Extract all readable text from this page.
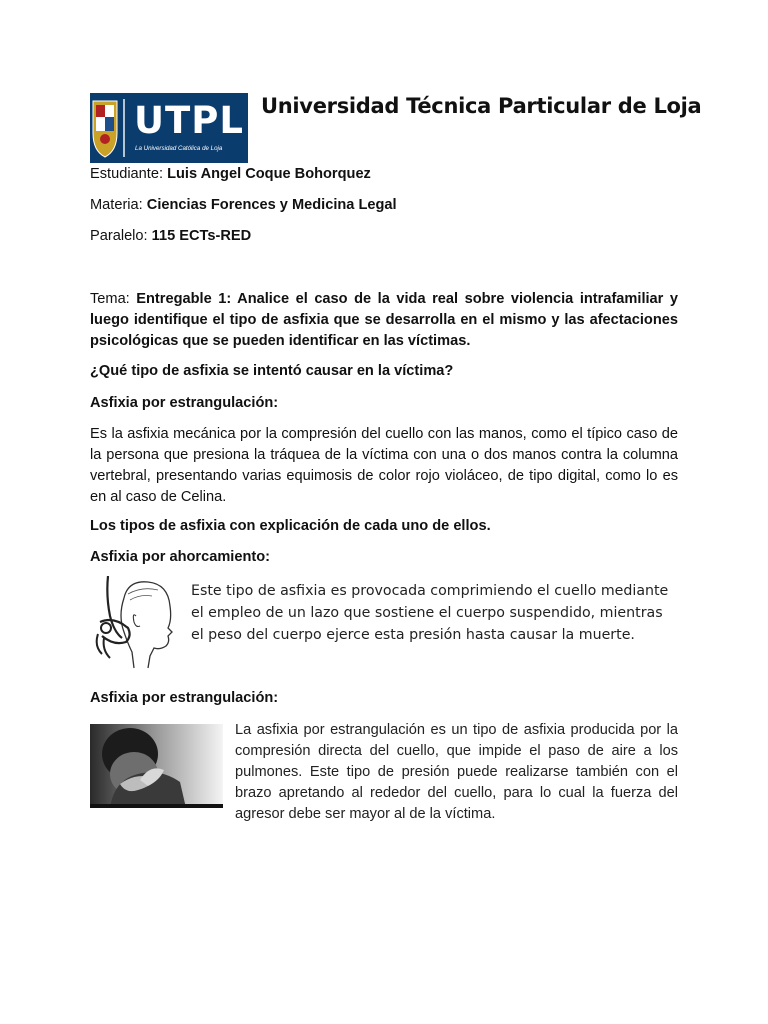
UTPL
La Universidad Católica de Loja
Universidad Técnica Particular de Loja
Estudiante: Luis Angel Coque Bohorquez
Materia: Ciencias Forences y Medicina Legal
Paralelo: 115 ECTs-RED
Tema: Entregable 1: Analice el caso de la vida real sobre violencia intrafamiliar y luego identifique el tipo de asfixia que se desarrolla en el mismo y las afectaciones psicológicas que se pueden identificar en las víctimas.
¿Qué tipo de asfixia se intentó causar en la víctima?
Asfixia por estrangulación:
Es la asfixia mecánica por la compresión del cuello con las manos, como el típico caso de la persona que presiona la tráquea de la víctima con una o dos manos contra la columna vertebral, presentando varias equimosis de color rojo violáceo, de tipo digital, como lo es en al caso de Celina.
Los tipos de asfixia con explicación de cada uno de ellos.
Asfixia por ahorcamiento:
Este tipo de asfixia es provocada comprimiendo el cuello mediante el empleo de un lazo que sostiene el cuerpo suspendido, mientras el peso del cuerpo ejerce esta presión hasta causar la muerte.
Asfixia por estrangulación:
La asfixia por estrangulación es un tipo de asfixia producida por la compresión directa del cuello, que impide el paso de aire a los pulmones. Este tipo de presión puede realizarse también con el brazo apretando al rededor del cuello, para lo cual la fuerza del agresor debe ser mayor al de la víctima.
